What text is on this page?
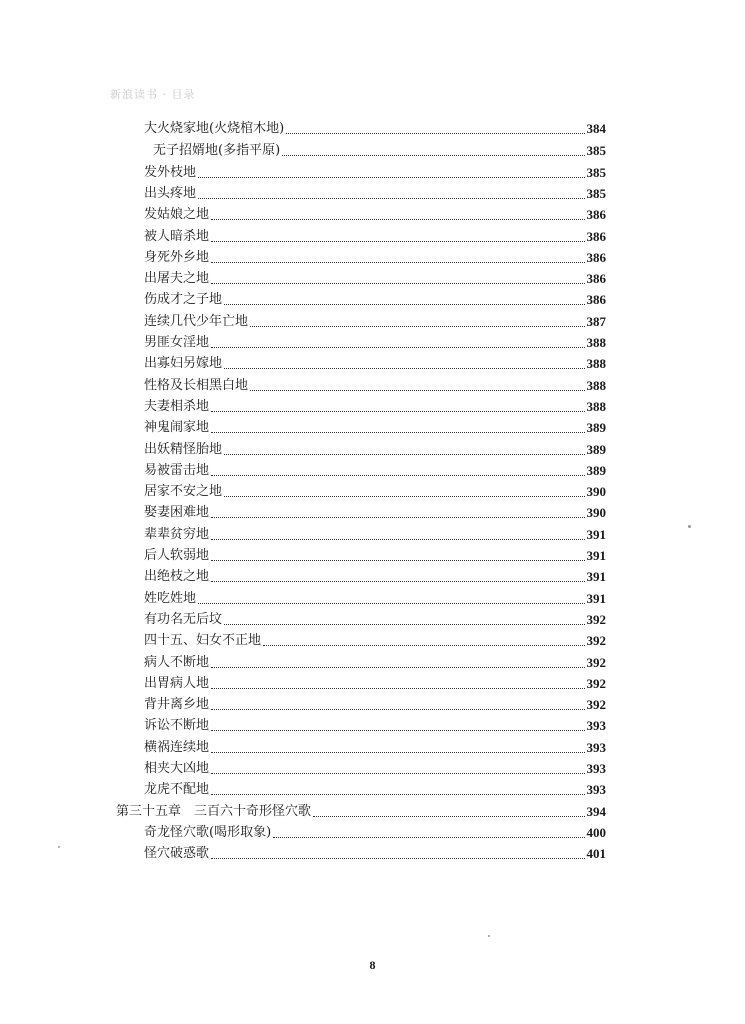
新浪读书 · 目录
大火烧家地(火烧棺木地)	384
无子招婿地(多指平原)	385
发外枝地	385
出头疼地	385
发姑娘之地	386
被人暗杀地	386
身死外乡地	386
出屠夫之地	386
伤成才之子地	386
连续几代少年亡地	387
男匪女淫地	388
出寡妇另嫁地	388
性格及长相黑白地	388
夫妻相杀地	388
神鬼闹家地	389
出妖精怪胎地	389
易被雷击地	389
居家不安之地	390
娶妻困难地	390
辈辈贫穷地	391
后人软弱地	391
出绝枝之地	391
姓吃姓地	391
有功名无后坟	392
四十五、妇女不正地	392
病人不断地	392
出胃病人地	392
背井离乡地	392
诉讼不断地	393
横祸连续地	393
相夹大凶地	393
龙虎不配地	393
第三十五章　三百六十奇形怪穴歌	394
奇龙怪穴歌(喝形取象)	400
怪穴破惑歌	401
8
